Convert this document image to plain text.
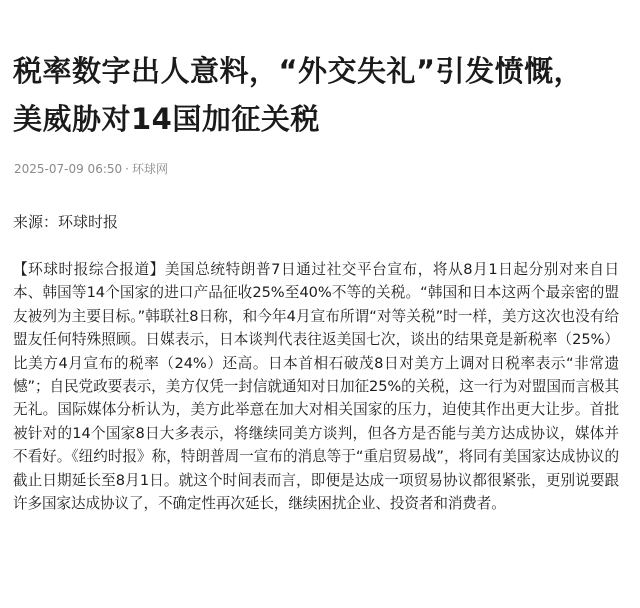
税率数字出人意料，“外交失礼”引发愤慨，美威胁对14国加征关税
2025-07-09 06:50 · 环球网
来源：环球时报

【环球时报综合报道】美国总统特朗普7日通过社交平台宣布，将从8月1日起分别对来自日本、韩国等14个国家的进口产品征收25%至40%不等的关税。“韩国和日本这两个最亲密的盟友被列为主要目标。”韩联社8日称，和今年4月宣布所谓“对等关税”时一样，美方这次也没有给盟友任何特殊照顾。日媒表示，日本谈判代表往返美国七次，谈出的结果竟是新税率（25%）比美方4月宣布的税率（24%）还高。日本首相石破茂8日对美方上调对日税率表示“非常遗憾”；自民党政要表示，美方仅凭一封信就通知对日加征25%的关税，这一行为对盟国而言极其无礼。国际媒体分析认为，美方此举意在加大对相关国家的压力，迫使其作出更大让步。首批被针对的14个国家8日大多表示，将继续同美方谈判，但各方是否能与美方达成协议，媒体并不看好。《纽约时报》称，特朗普周一宣布的消息等于“重启贸易战”，将同有美国家达成协议的截止日期延长至8月1日。就这个时间表而言，即便是达成一项贸易协议都很紧张，更别说要跟许多国家达成协议了，不确定性再次延长，继续困扰企业、投资者和消费者。
